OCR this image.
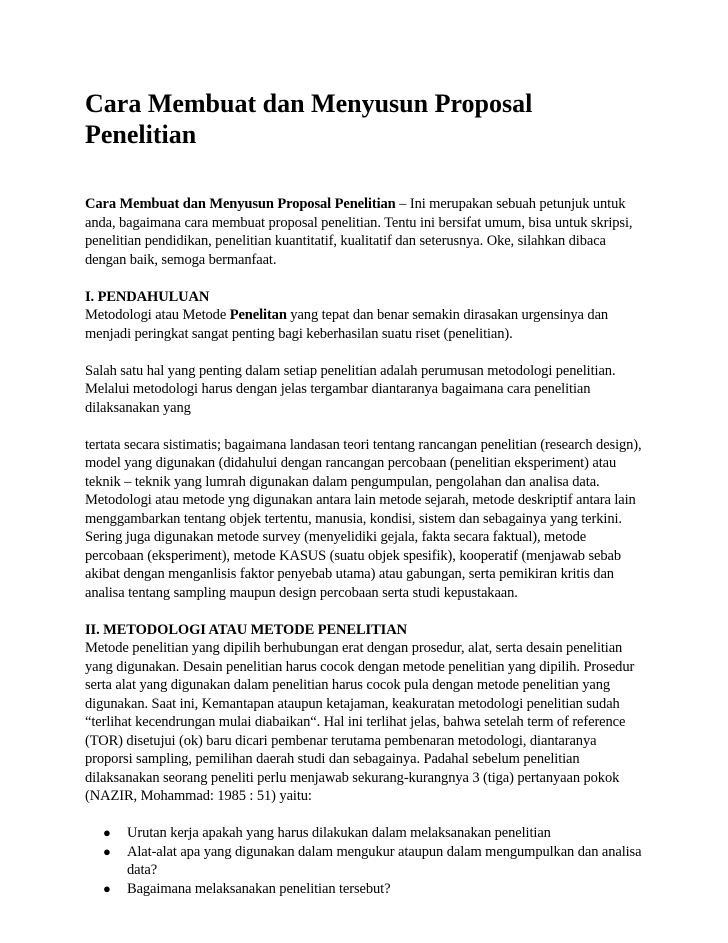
Cara Membuat dan Menyusun Proposal Penelitian

Cara Membuat dan Menyusun Proposal Penelitian – Ini merupakan sebuah petunjuk untuk anda, bagaimana cara membuat proposal penelitian. Tentu ini bersifat umum, bisa untuk skripsi, penelitian pendidikan, penelitian kuantitatif, kualitatif dan seterusnya. Oke, silahkan dibaca dengan baik, semoga bermanfaat.

I. PENDAHULUAN
Metodologi atau Metode Penelitan yang tepat dan benar semakin dirasakan urgensinya dan menjadi peringkat sangat penting bagi keberhasilan suatu riset (penelitian).

Salah satu hal yang penting dalam setiap penelitian adalah perumusan metodologi penelitian. Melalui metodologi harus dengan jelas tergambar diantaranya bagaimana cara penelitian dilaksanakan yang

tertata secara sistimatis; bagaimana landasan teori tentang rancangan penelitian (research design), model yang digunakan (didahului dengan rancangan percobaan (penelitian eksperiment) atau teknik – teknik yang lumrah digunakan dalam pengumpulan, pengolahan dan analisa data. Metodologi atau metode yng digunakan antara lain metode sejarah, metode deskriptif antara lain menggambarkan tentang objek tertentu, manusia, kondisi, sistem dan sebagainya yang terkini. Sering juga digunakan metode survey (menyelidiki gejala, fakta secara faktual), metode percobaan (eksperiment), metode KASUS (suatu objek spesifik), kooperatif (menjawab sebab akibat dengan menganlisis faktor penyebab utama) atau gabungan, serta pemikiran kritis dan analisa tentang sampling maupun design percobaan serta studi kepustakaan.

II. METODOLOGI ATAU METODE PENELITIAN
Metode penelitian yang dipilih berhubungan erat dengan prosedur, alat, serta desain penelitian yang digunakan. Desain penelitian harus cocok dengan metode penelitian yang dipilih. Prosedur serta alat yang digunakan dalam penelitian harus cocok pula dengan metode penelitian yang digunakan. Saat ini, Kemantapan ataupun ketajaman, keakuratan metodologi penelitian sudah “terlihat kecendrungan mulai diabaikan“. Hal ini terlihat jelas, bahwa setelah term of reference (TOR) disetujui (ok) baru dicari pembenar terutama pembenaran metodologi, diantaranya proporsi sampling, pemilihan daerah studi dan sebagainya. Padahal sebelum penelitian dilaksanakan seorang peneliti perlu menjawab sekurang-kurangnya 3 (tiga) pertanyaan pokok (NAZIR, Mohammad: 1985 : 51) yaitu:

● Urutan kerja apakah yang harus dilakukan dalam melaksanakan penelitian
● Alat-alat apa yang digunakan dalam mengukur ataupun dalam mengumpulkan dan analisa data?
● Bagaimana melaksanakan penelitian tersebut?
